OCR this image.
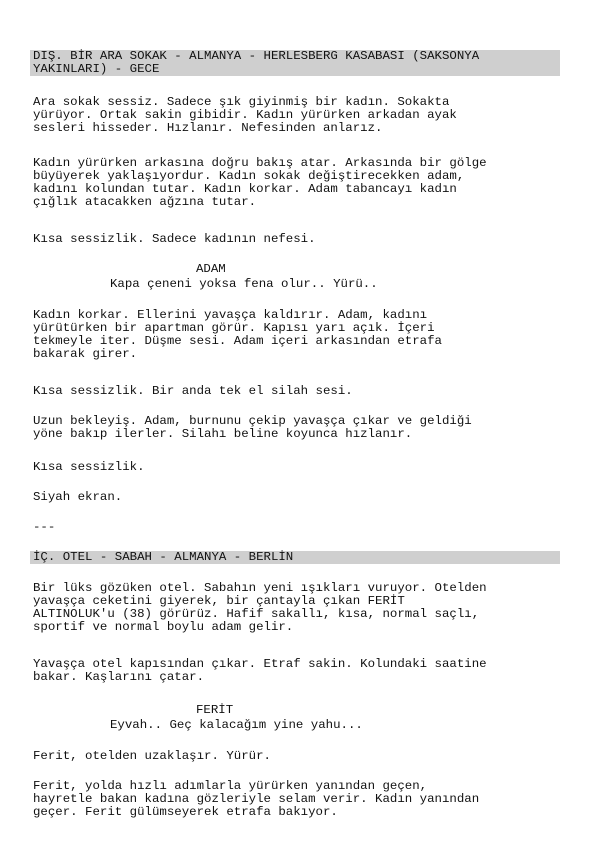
DIŞ. BİR ARA SOKAK - ALMANYA - HERLESBERG KASABASI (SAKSONYA
YAKINLARI) - GECE
Ara sokak sessiz. Sadece şık giyinmiş bir kadın. Sokakta
yürüyor. Ortak sakin gibidir. Kadın yürürken arkadan ayak
sesleri hisseder. Hızlanır. Nefesinden anlarız.
Kadın yürürken arkasına doğru bakış atar. Arkasında bir gölge
büyüyerek yaklaşıyordur. Kadın sokak değiştirecekken adam,
kadını kolundan tutar. Kadın korkar. Adam tabancayı kadın
çığlık atacakken ağzına tutar.
Kısa sessizlik. Sadece kadının nefesi.
ADAM
Kapa çeneni yoksa fena olur.. Yürü..
Kadın korkar. Ellerini yavaşça kaldırır. Adam, kadını
yürütürken bir apartman görür. Kapısı yarı açık. İçeri
tekmeyle iter. Düşme sesi. Adam içeri arkasından etrafa
bakarak girer.
Kısa sessizlik. Bir anda tek el silah sesi.
Uzun bekleyiş. Adam, burnunu çekip yavaşça çıkar ve geldiği
yöne bakıp ilerler. Silahı beline koyunca hızlanır.
Kısa sessizlik.
Siyah ekran.
---
İÇ. OTEL - SABAH - ALMANYA - BERLİN
Bir lüks gözüken otel. Sabahın yeni ışıkları vuruyor. Otelden
yavaşça ceketini giyerek, bir çantayla çıkan FERİT
ALTINOLUK'u (38) görürüz. Hafif sakallı, kısa, normal saçlı,
sportif ve normal boylu adam gelir.
Yavaşça otel kapısından çıkar. Etraf sakin. Kolundaki saatine
bakar. Kaşlarını çatar.
FERİT
Eyvah.. Geç kalacağım yine yahu...
Ferit, otelden uzaklaşır. Yürür.
Ferit, yolda hızlı adımlarla yürürken yanından geçen,
hayretle bakan kadına gözleriyle selam verir. Kadın yanından
geçer. Ferit gülümseyerek etrafa bakıyor.
